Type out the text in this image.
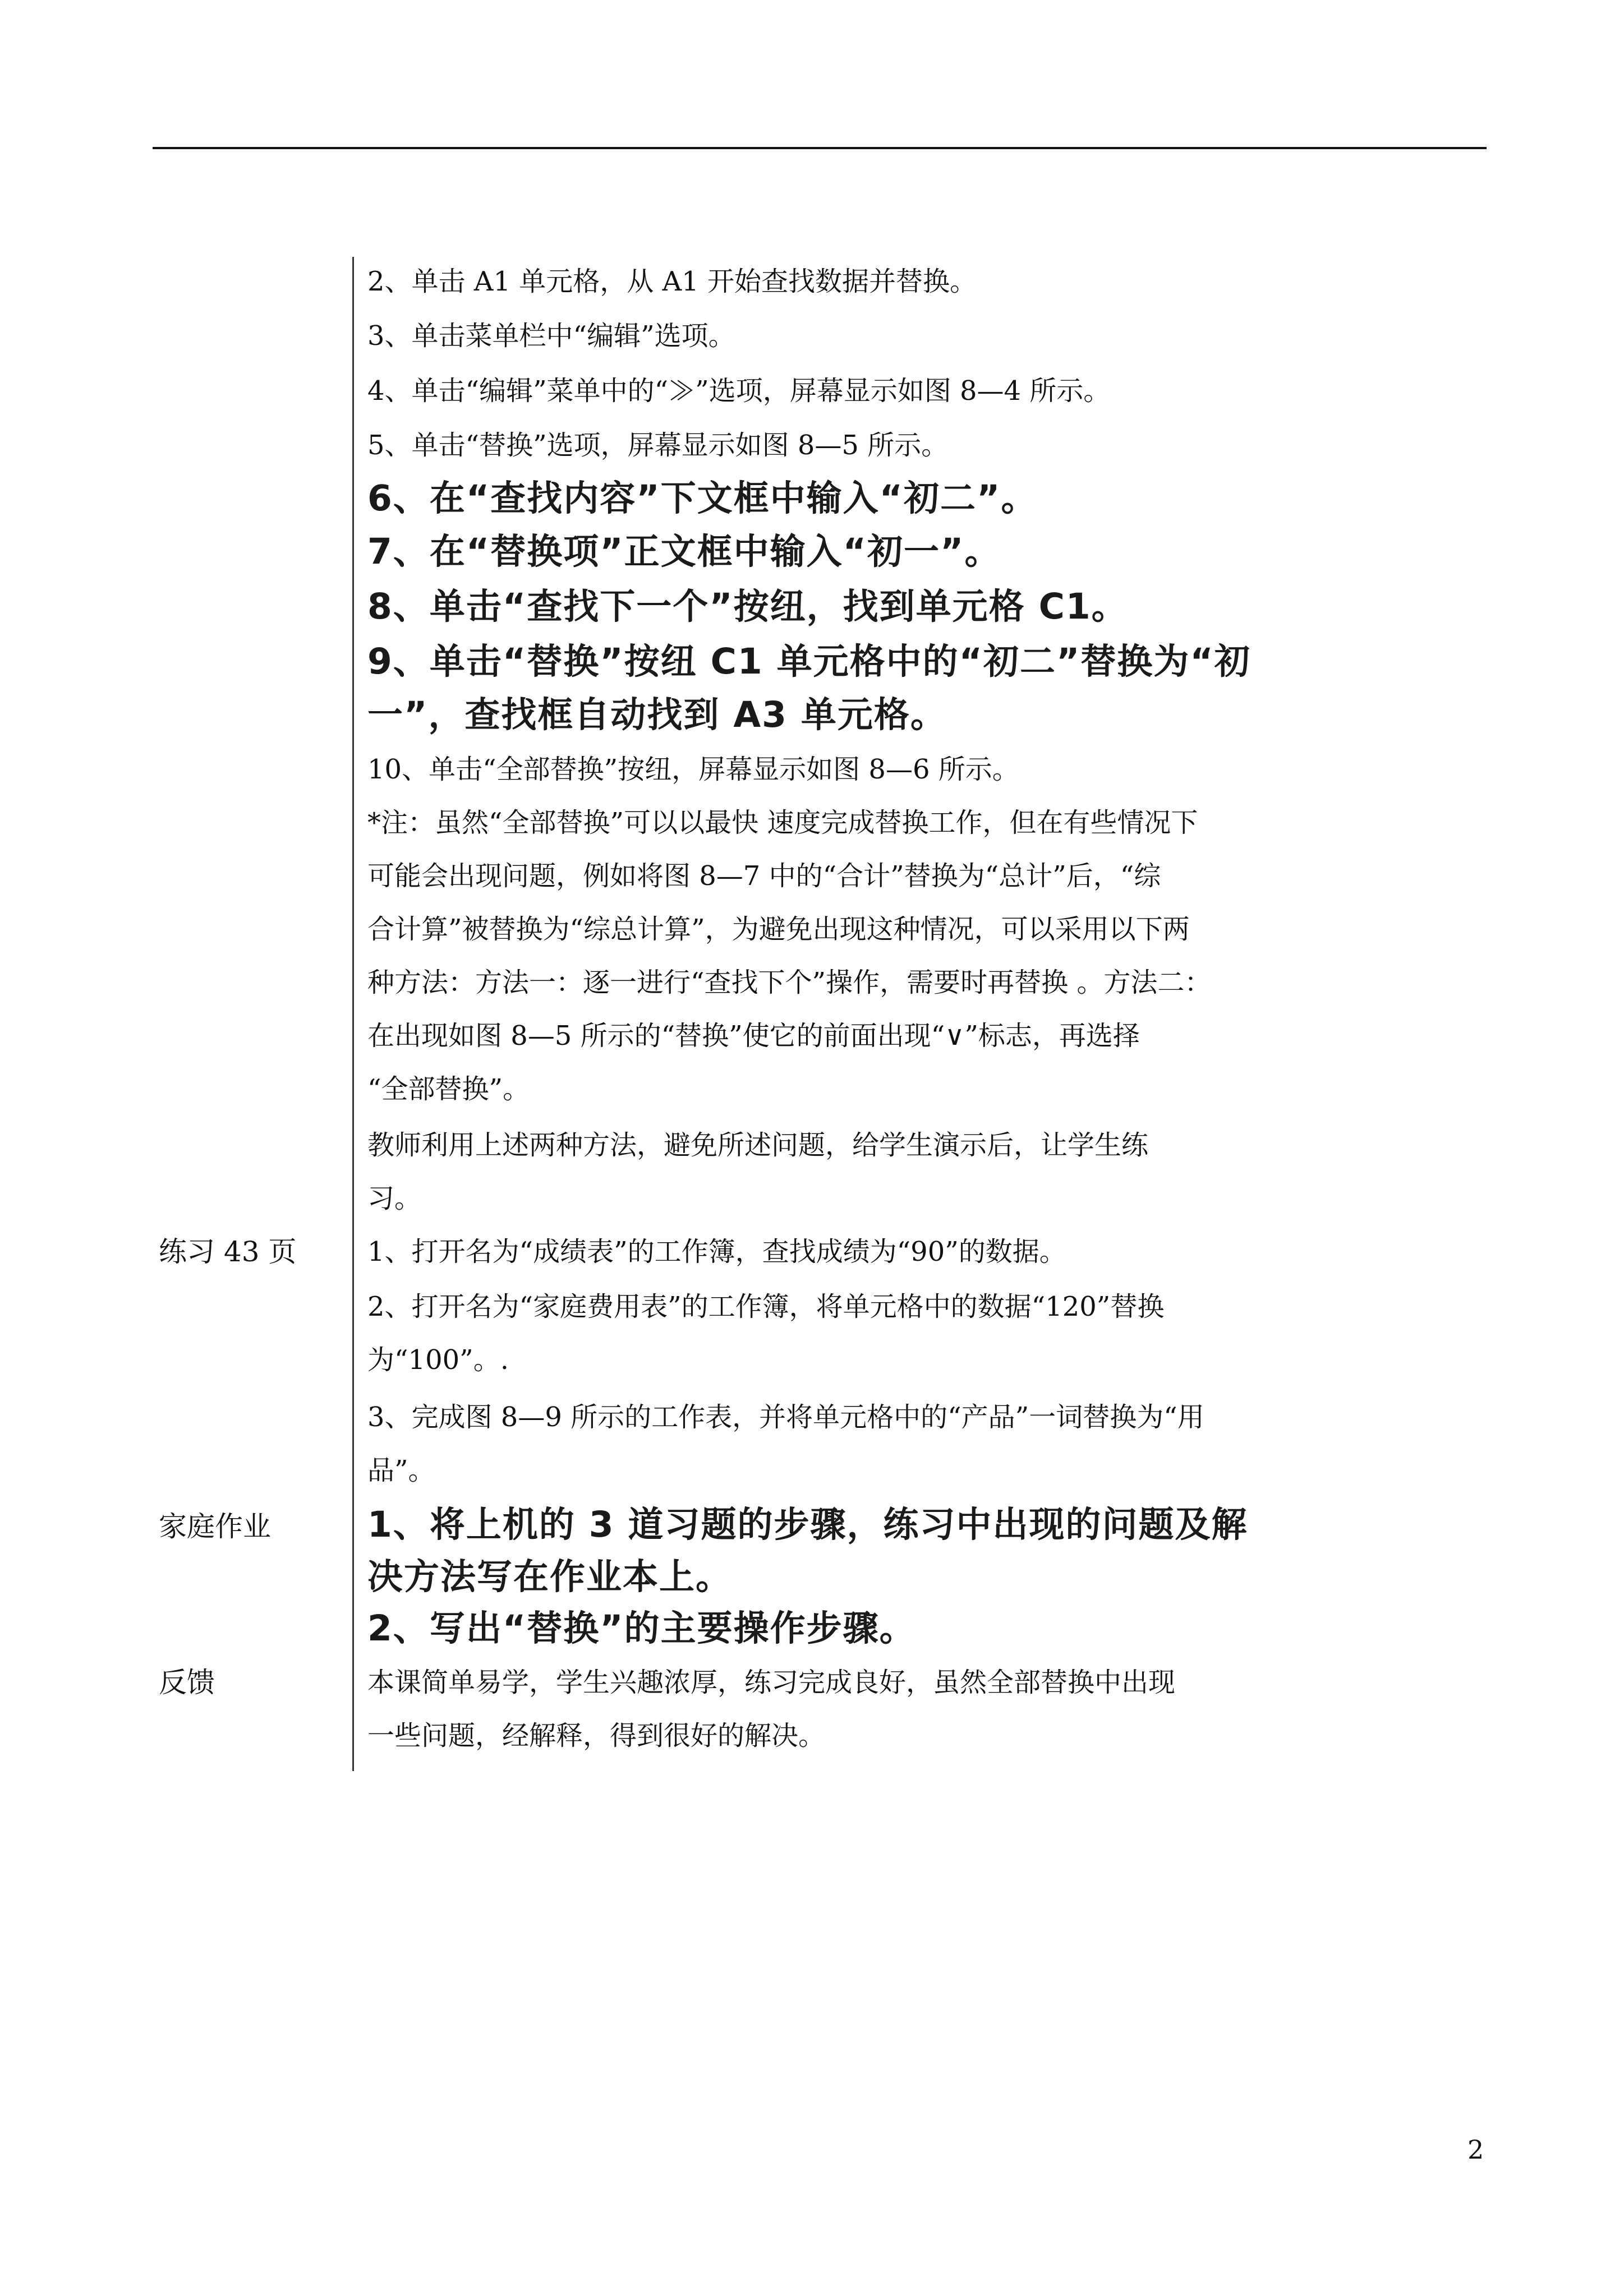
2、单击 A1 单元格，从 A1 开始查找数据并替换。
3、单击菜单栏中“编辑”选项。
4、单击“编辑”菜单中的“≫”选项，屏幕显示如图 8—4 所示。
5、单击“替换”选项，屏幕显示如图 8—5 所示。
6、在“查找内容”下文框中输入“初二”。
7、在“替换项”正文框中输入“初一”。
8、单击“查找下一个”按纽，找到单元格 C1。
9、单击“替换”按纽 C1 单元格中的“初二”替换为“初
一”，查找框自动找到 A3 单元格。
10、单击“全部替换”按纽，屏幕显示如图 8—6 所示。
*注：虽然“全部替换”可以以最快 速度完成替换工作，但在有些情况下
可能会出现问题，例如将图 8—7 中的“合计”替换为“总计”后，“综
合计算”被替换为“综总计算”，为避免出现这种情况，可以采用以下两
种方法：方法一：逐一进行“查找下个”操作，需要时再替换 。方法二：
在出现如图 8—5 所示的“替换”使它的前面出现“∨”标志，再选择
“全部替换”。
教师利用上述两种方法，避免所述问题，给学生演示后，让学生练
习。
练习 43 页	1、打开名为“成绩表”的工作簿，查找成绩为“90”的数据。
2、打开名为“家庭费用表”的工作簿，将单元格中的数据“120”替换
为“100”。.
3、完成图 8—9 所示的工作表，并将单元格中的“产品”一词替换为“用
品”。
家庭作业	1、将上机的 3 道习题的步骤，练习中出现的问题及解
决方法写在作业本上。
2、写出“替换”的主要操作步骤。
反馈	本课简单易学，学生兴趣浓厚，练习完成良好，虽然全部替换中出现
一些问题，经解释，得到很好的解决。
2
